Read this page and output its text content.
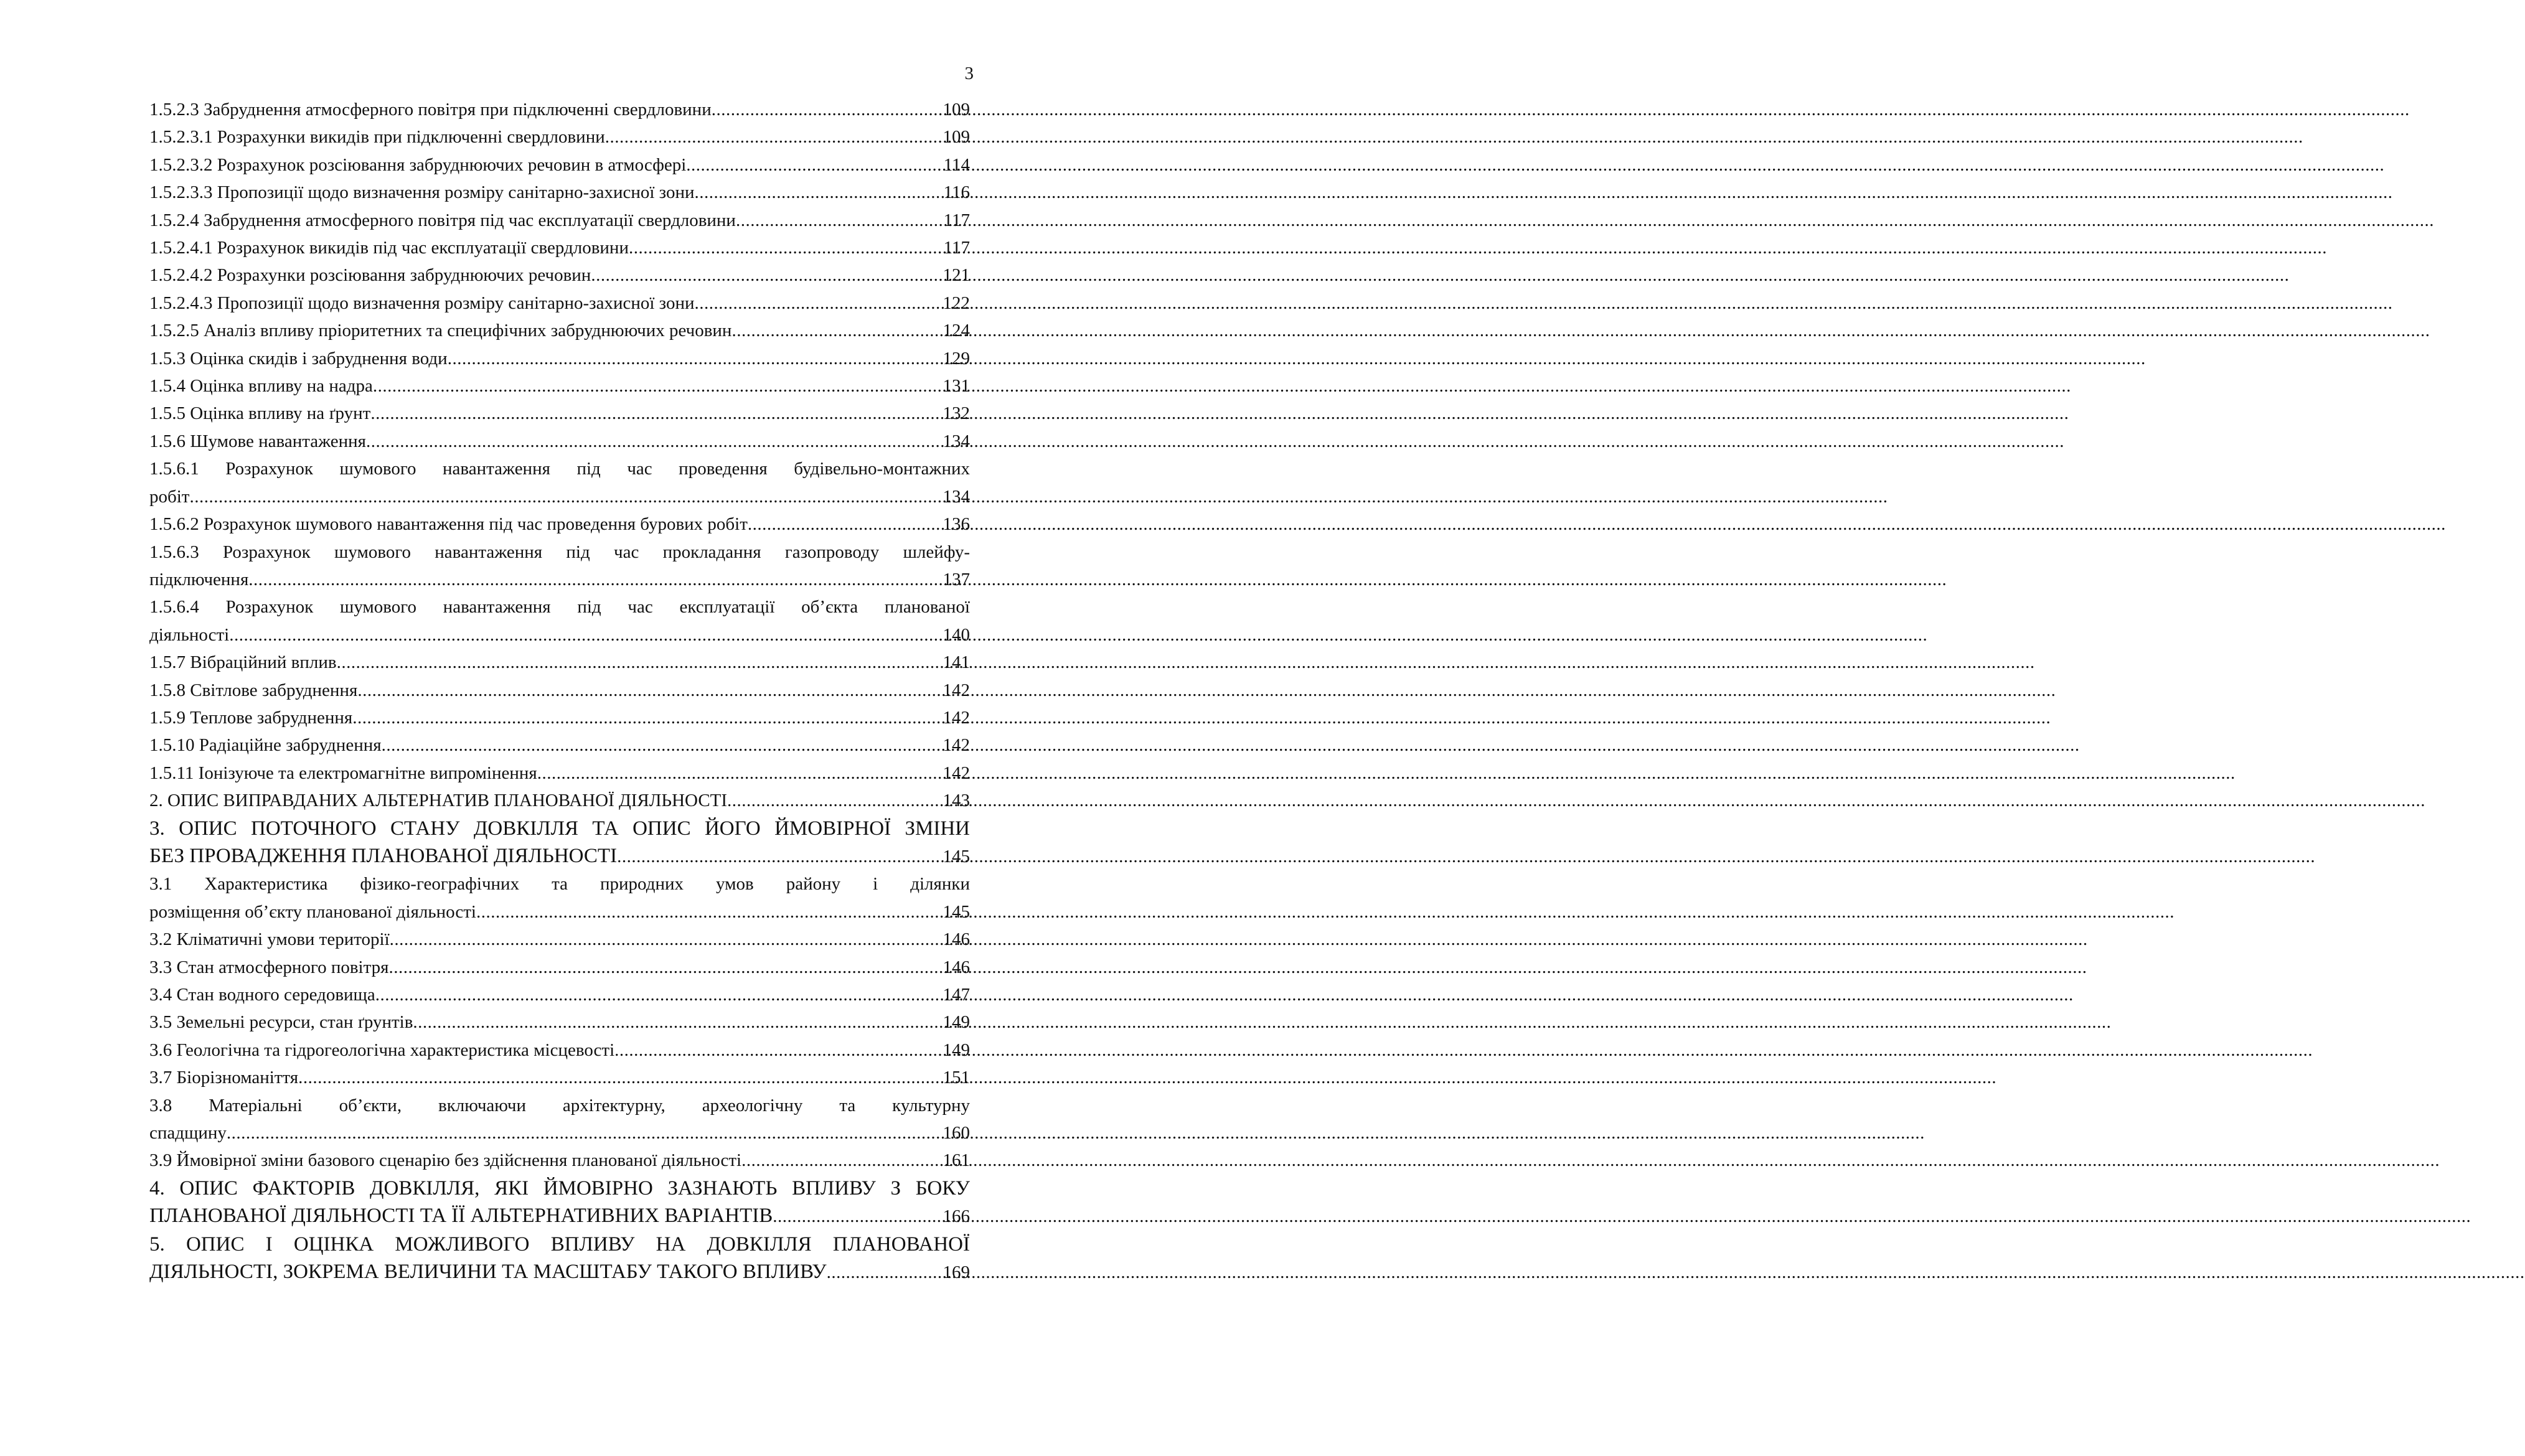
3
1.5.2.3 Забруднення атмосферного повітря при підключенні свердловини .....	109
1.5.2.3.1 Розрахунки викидів при підключенні свердловини .....	109
1.5.2.3.2 Розрахунок розсіювання забруднюючих речовин в атмосфері .....	114
1.5.2.3.3 Пропозиції щодо визначення розміру санітарно-захисної зони .....	116
1.5.2.4 Забруднення атмосферного повітря під час експлуатації свердловини .....	117
1.5.2.4.1 Розрахунок викидів під час експлуатації свердловини .....	117
1.5.2.4.2 Розрахунки розсіювання забруднюючих речовин .....	121
1.5.2.4.3 Пропозиції щодо визначення розміру санітарно-захисної зони .....	122
1.5.2.5 Аналіз впливу пріоритетних та специфічних забруднюючих речовин .....	124
1.5.3 Оцінка скидів і забруднення води .....	129
1.5.4 Оцінка впливу на надра .....	131
1.5.5 Оцінка впливу на ґрунт .....	132
1.5.6 Шумове навантаження .....	134
1.5.6.1 Розрахунок шумового навантаження під час проведення будівельно-монтажних
робіт .....	134
1.5.6.2 Розрахунок шумового навантаження під час проведення бурових робіт .....	136
1.5.6.3 Розрахунок шумового навантаження під час прокладання газопроводу шлейфу-
підключення .....	137
1.5.6.4 Розрахунок шумового навантаження під час експлуатації об’єкта планованої
діяльності .....	140
1.5.7 Вібраційний вплив .....	141
1.5.8 Світлове забруднення .....	142
1.5.9 Теплове забруднення .....	142
1.5.10 Радіаційне забруднення .....	142
1.5.11 Іонізуюче та електромагнітне випромінення .....	142
2. ОПИС ВИПРАВДАНИХ АЛЬТЕРНАТИВ ПЛАНОВАНОЇ ДІЯЛЬНОСТІ .....	143
3. ОПИС ПОТОЧНОГО СТАНУ ДОВКІЛЛЯ ТА ОПИС ЙОГО ЙМОВІРНОЇ ЗМІНИ
БЕЗ ПРОВАДЖЕННЯ ПЛАНОВАНОЇ ДІЯЛЬНОСТІ .....	145
3.1 Характеристика фізико-географічних та природних умов району і ділянки
розміщення об’єкту планованої діяльності .....	145
3.2 Кліматичні умови території .....	146
3.3 Стан атмосферного повітря .....	146
3.4 Стан водного середовища .....	147
3.5 Земельні ресурси, стан ґрунтів .....	149
3.6 Геологічна та гідрогеологічна характеристика місцевості .....	149
3.7 Біорізноманіття .....	151
3.8 Матеріальні об’єкти, включаючи архітектурну, археологічну та культурну
спадщину .....	160
3.9 Ймовірної зміни базового сценарію без здійснення планованої діяльності .....	161
4. ОПИС ФАКТОРІВ ДОВКІЛЛЯ, ЯКІ ЙМОВІРНО ЗАЗНАЮТЬ ВПЛИВУ З БОКУ
ПЛАНОВАНОЇ ДІЯЛЬНОСТІ ТА ЇЇ АЛЬТЕРНАТИВНИХ ВАРІАНТІВ .....	166
5. ОПИС І ОЦІНКА МОЖЛИВОГО ВПЛИВУ НА ДОВКІЛЛЯ ПЛАНОВАНОЇ
ДІЯЛЬНОСТІ, ЗОКРЕМА ВЕЛИЧИНИ ТА МАСШТАБУ ТАКОГО ВПЛИВУ .....	169
